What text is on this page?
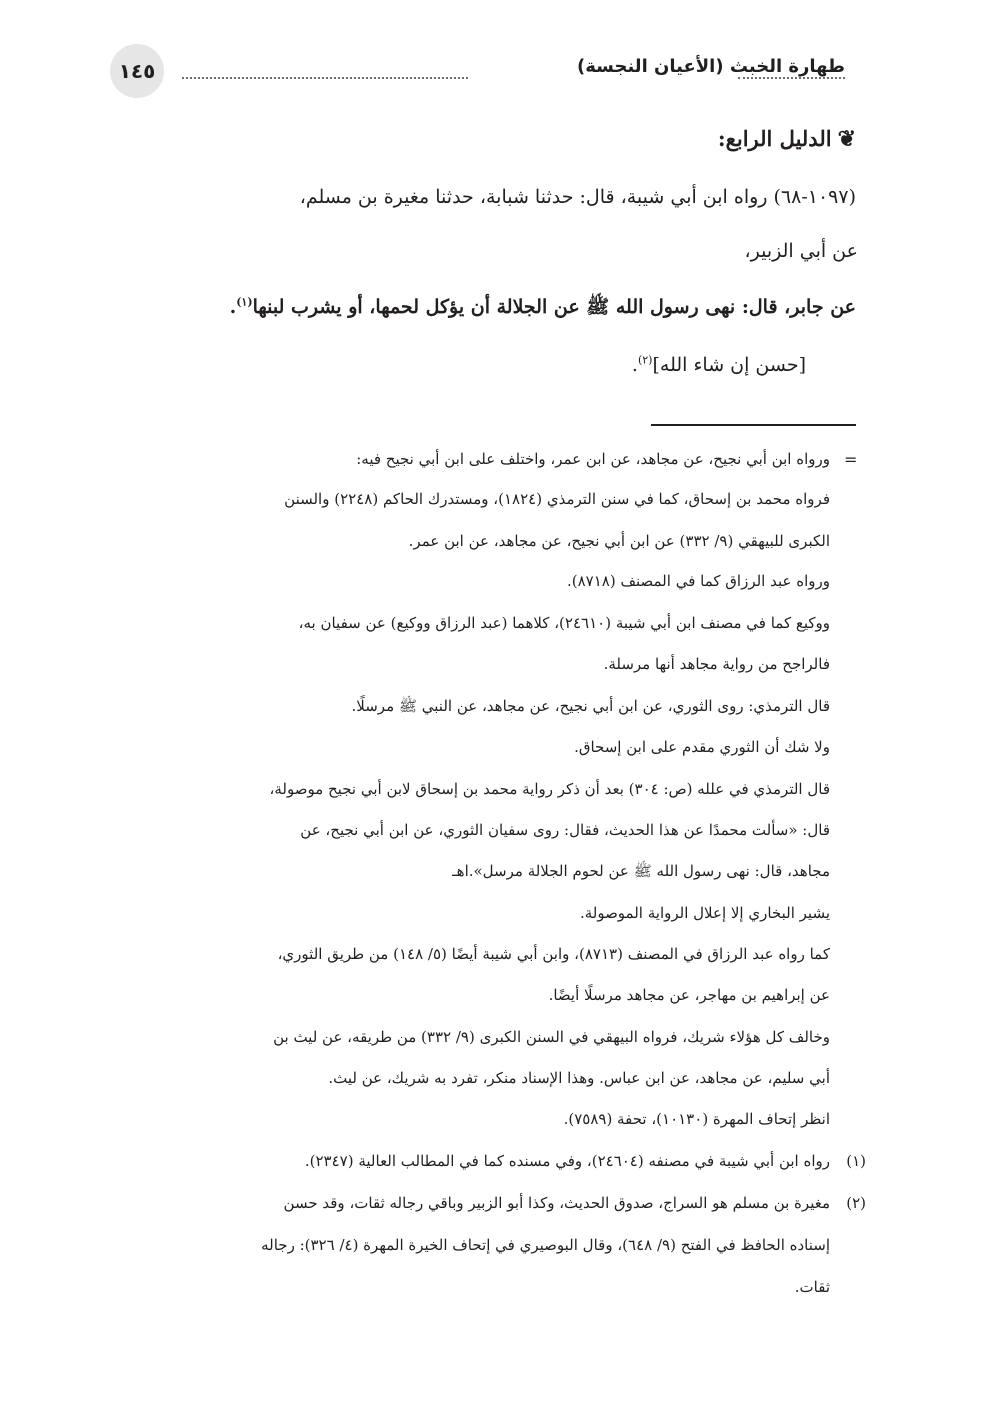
١٤٥	طهارة الخبث (الأعيان النجسة)
❦الدليل الرابع:
(١٠٩٧-٦٨) رواه ابن أبي شيبة، قال: حدثنا شبابة، حدثنا مغيرة بن مسلم،
عن أبي الزبير،
عن جابر، قال: نهى رسول الله ﷺ عن الجلالة أن يؤكل لحمها، أو يشرب لبنها$^{(١)}$.
[حسن إن شاء الله]$^{(٢)}$.
=
ورواه ابن أبي نجيح، عن مجاهد، عن ابن عمر، واختلف على ابن أبي نجيح فيه:
فرواه محمد بن إسحاق، كما في سنن الترمذي (١٨٢٤)، ومستدرك الحاكم (٢٢٤٨) والسنن
الكبرى للبيهقي (٩/ ٣٣٢) عن ابن أبي نجيح، عن مجاهد، عن ابن عمر.
ورواه عبد الرزاق كما في المصنف (٨٧١٨).
ووكيع كما في مصنف ابن أبي شيبة (٢٤٦١٠)، كلاهما (عبد الرزاق ووكيع) عن سفيان به،
فالراجح من رواية مجاهد أنها مرسلة.
قال الترمذي: روى الثوري، عن ابن أبي نجيح، عن مجاهد، عن النبي ﷺ مرسلًا.
ولا شك أن الثوري مقدم على ابن إسحاق.
قال الترمذي في علله (ص: ٣٠٤) بعد أن ذكر رواية محمد بن إسحاق لابن أبي نجيح موصولة،
قال: «سألت محمدًا عن هذا الحديث، فقال: روى سفيان الثوري، عن ابن أبي نجيح، عن
مجاهد، قال: نهى رسول الله ﷺ عن لحوم الجلالة مرسل».اهـ
يشير البخاري إلا إعلال الرواية الموصولة.
كما رواه عبد الرزاق في المصنف (٨٧١٣)، وابن أبي شيبة أيضًا (٥/ ١٤٨) من طريق الثوري،
عن إبراهيم بن مهاجر، عن مجاهد مرسلًا أيضًا.
وخالف كل هؤلاء شريك، فرواه البيهقي في السنن الكبرى (٩/ ٣٣٢) من طريقه، عن ليث بن
أبي سليم، عن مجاهد، عن ابن عباس. وهذا الإسناد منكر، تفرد به شريك، عن ليث.
انظر إتحاف المهرة (١٠١٣٠)، تحفة (٧٥٨٩).
(١)
رواه ابن أبي شيبة في مصنفه (٢٤٦٠٤)، وفي مسنده كما في المطالب العالية (٢٣٤٧).
(٢)
مغيرة بن مسلم هو السراج، صدوق الحديث، وكذا أبو الزبير وباقي رجاله ثقات، وقد حسن
إسناده الحافظ في الفتح (٩/ ٦٤٨)، وقال البوصيري في إتحاف الخيرة المهرة (٤/ ٣٢٦): رجاله
ثقات.
